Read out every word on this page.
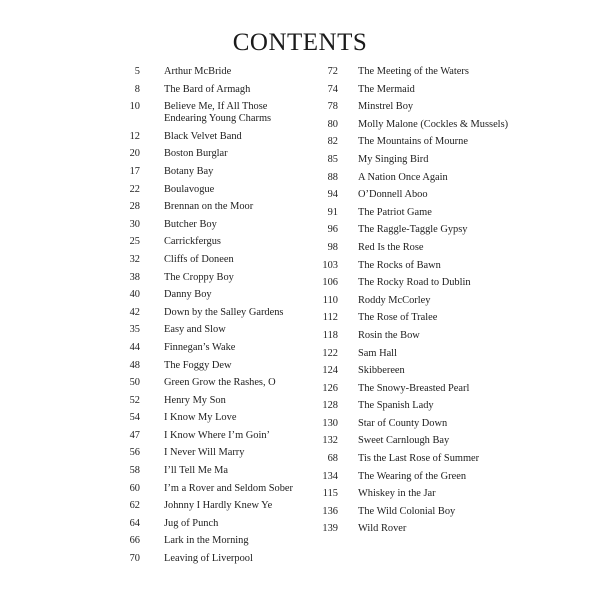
CONTENTS
5 Arthur McBride
8 The Bard of Armagh
10 Believe Me, If All Those Endearing Young Charms
12 Black Velvet Band
20 Boston Burglar
17 Botany Bay
22 Boulavogue
28 Brennan on the Moor
30 Butcher Boy
25 Carrickfergus
32 Cliffs of Doneen
38 The Croppy Boy
40 Danny Boy
42 Down by the Salley Gardens
35 Easy and Slow
44 Finnegan’s Wake
48 The Foggy Dew
50 Green Grow the Rashes, O
52 Henry My Son
54 I Know My Love
47 I Know Where I’m Goin’
56 I Never Will Marry
58 I’ll Tell Me Ma
60 I’m a Rover and Seldom Sober
62 Johnny I Hardly Knew Ye
64 Jug of Punch
66 Lark in the Morning
70 Leaving of Liverpool
72 The Meeting of the Waters
74 The Mermaid
78 Minstrel Boy
80 Molly Malone (Cockles & Mussels)
82 The Mountains of Mourne
85 My Singing Bird
88 A Nation Once Again
94 O’Donnell Aboo
91 The Patriot Game
96 The Raggle-Taggle Gypsy
98 Red Is the Rose
103 The Rocks of Bawn
106 The Rocky Road to Dublin
110 Roddy McCorley
112 The Rose of Tralee
118 Rosin the Bow
122 Sam Hall
124 Skibbereen
126 The Snowy-Breasted Pearl
128 The Spanish Lady
130 Star of County Down
132 Sweet Carnlough Bay
68 Tis the Last Rose of Summer
134 The Wearing of the Green
115 Whiskey in the Jar
136 The Wild Colonial Boy
139 Wild Rover
